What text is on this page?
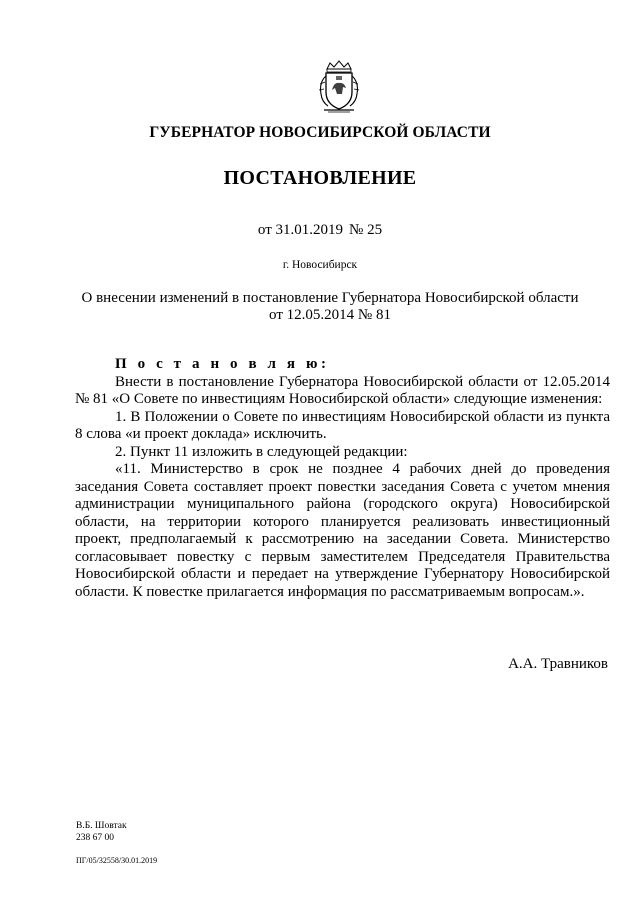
ГУБЕРНАТОР НОВОСИБИРСКОЙ ОБЛАСТИ
ПОСТАНОВЛЕНИЕ
от 31.01.2019 № 25
г. Новосибирск
О внесении изменений в постановление Губернатора Новосибирской области
от 12.05.2014 № 81

П о с т а н о в л я ю:

Внести в постановление Губернатора Новосибирской области от 12.05.2014 № 81 «О Совете по инвестициям Новосибирской области» следующие изменения:

1. В Положении о Совете по инвестициям Новосибирской области из пункта 8 слова «и проект доклада» исключить.

2. Пункт 11 изложить в следующей редакции:

«11. Министерство в срок не позднее 4 рабочих дней до проведения заседания Совета составляет проект повестки заседания Совета с учетом мнения администрации муниципального района (городского округа) Новосибирской области, на территории которого планируется реализовать инвестиционный проект, предполагаемый к рассмотрению на заседании Совета. Министерство согласовывает повестку с первым заместителем Председателя Правительства Новосибирской области и передает на утверждение Губернатору Новосибирской области. К повестке прилагается информация по рассматриваемым вопросам.».

А.А. Травников
В.Б. Шовтак
238 67 00
ПГ/05/32558/30.01.2019
